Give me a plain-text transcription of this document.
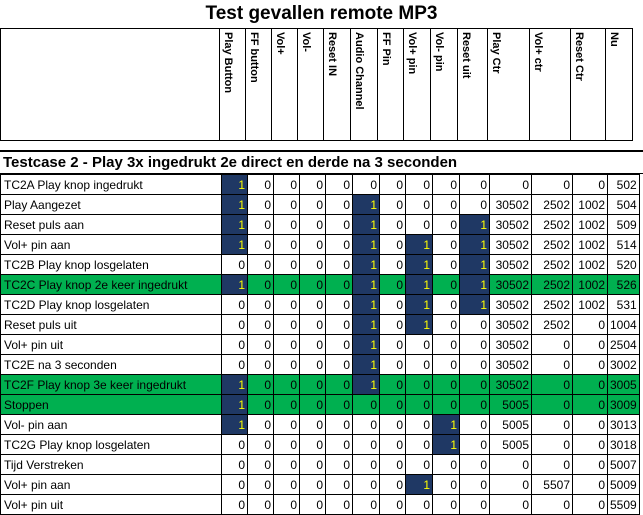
Test gevallen remote MP3

Play Button	FF button	Vol+	Vol-	Reset IN	Audio Channel	FF Pin	Vol+ pin	Vol- pin	Reset uit	Play Ctr	Vol+ ctr	Reset Ctr	Nu
Testcase 2 - Play 3x ingedrukt 2e direct en derde na 3 seconden
TC2A Play knop ingedrukt	1	0	0	0	0	0	0	0	0	0	0	0	0	502
Play Aangezet	1	0	0	0	0	1	0	0	0	0	30502	2502	1002	504
Reset puls aan	1	0	0	0	0	1	0	0	0	1	30502	2502	1002	509
Vol+ pin aan	1	0	0	0	0	1	0	1	0	1	30502	2502	1002	514
TC2B Play knop losgelaten	0	0	0	0	0	1	0	1	0	1	30502	2502	1002	520
TC2C Play knop 2e keer ingedrukt	1	0	0	0	0	1	0	1	0	1	30502	2502	1002	526
TC2D Play knop losgelaten	0	0	0	0	0	1	0	1	0	1	30502	2502	1002	531
Reset puls uit	0	0	0	0	0	1	0	1	0	0	30502	2502	0	1004
Vol+ pin uit	0	0	0	0	0	1	0	0	0	0	30502	0	0	2504
TC2E na 3 seconden	0	0	0	0	0	1	0	0	0	0	30502	0	0	3002
TC2F Play knop 3e keer ingedrukt	1	0	0	0	0	1	0	0	0	0	30502	0	0	3005
Stoppen	1	0	0	0	0	0	0	0	0	0	5005	0	0	3009
Vol- pin aan	1	0	0	0	0	0	0	0	1	0	5005	0	0	3013
TC2G Play knop losgelaten	0	0	0	0	0	0	0	0	1	0	5005	0	0	3018
Tijd Verstreken	0	0	0	0	0	0	0	0	0	0	0	0	0	5007
Vol+ pin aan	0	0	0	0	0	0	0	1	0	0	0	5507	0	5009
Vol+ pin uit	0	0	0	0	0	0	0	0	0	0	0	0	0	5509
